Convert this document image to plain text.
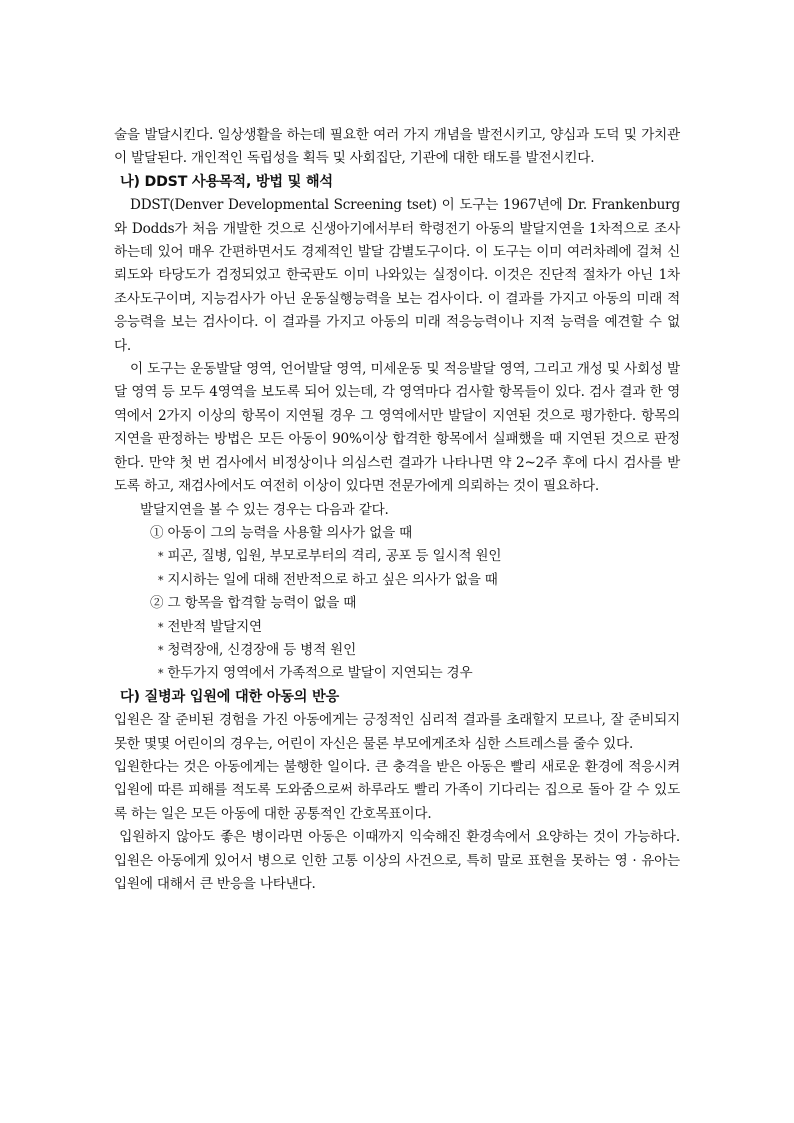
술을 발달시킨다. 일상생활을 하는데 필요한 여러 가지 개념을 발전시키고, 양심과 도덕 및 가치관이 발달된다. 개인적인 독립성을 획득 및 사회집단, 기관에 대한 태도를 발전시킨다.

나) DDST 사용목적, 방법 및 해석

DDST(Denver Developmental Screening tset) 이 도구는 1967년에 Dr. Frankenburg와 Dodds가 처음 개발한 것으로 신생아기에서부터 학령전기 아동의 발달지연을 1차적으로 조사하는데 있어 매우 간편하면서도 경제적인 발달 감별도구이다. 이 도구는 이미 여러차례에 걸쳐 신뢰도와 타당도가 검정되었고 한국판도 이미 나와있는 실정이다. 이것은 진단적 절차가 아닌 1차 조사도구이며, 지능검사가 아닌 운동실행능력을 보는 검사이다. 이 결과를 가지고 아동의 미래 적응능력을 보는 검사이다. 이 결과를 가지고 아동의 미래 적응능력이나 지적 능력을 예견할 수 없다.

이 도구는 운동발달 영역, 언어발달 영역, 미세운동 및 적응발달 영역, 그리고 개성 및 사회성 발달 영역 등 모두 4영역을 보도록 되어 있는데, 각 영역마다 검사할 항목들이 있다. 검사 결과 한 영역에서 2가지 이상의 항목이 지연될 경우 그 영역에서만 발달이 지연된 것으로 평가한다. 항목의 지연을 판정하는 방법은 모든 아동이 90%이상 합격한 항목에서 실패했을 때 지연된 것으로 판정한다. 만약 첫 번 검사에서 비정상이나 의심스런 결과가 나타나면 약 2~2주 후에 다시 검사를 받도록 하고, 재검사에서도 여전히 이상이 있다면 전문가에게 의뢰하는 것이 필요하다.

발달지연을 볼 수 있는 경우는 다음과 같다.

① 아동이 그의 능력을 사용할 의사가 없을 때

* 피곤, 질병, 입원, 부모로부터의 격리, 공포 등 일시적 원인

* 지시하는 일에 대해 전반적으로 하고 싶은 의사가 없을 때

② 그 항목을 합격할 능력이 없을 때

* 전반적 발달지연

* 청력장애, 신경장애 등 병적 원인

* 한두가지 영역에서 가족적으로 발달이 지연되는 경우

다) 질병과 입원에 대한 아동의 반응

입원은 잘 준비된 경험을 가진 아동에게는 긍정적인 심리적 결과를 초래할지 모르나, 잘 준비되지 못한 몇몇 어린이의 경우는, 어린이 자신은 물론 부모에게조차 심한 스트레스를 줄수 있다.

입원한다는 것은 아동에게는 불행한 일이다. 큰 충격을 받은 아동은 빨리 새로운 환경에 적응시켜 입원에 따른 피해를 적도록 도와줌으로써 하루라도 빨리 가족이 기다리는 집으로 돌아 갈 수 있도록 하는 일은 모든 아동에 대한 공통적인 간호목표이다.

입원하지 않아도 좋은 병이라면 아동은 이때까지 익숙해진 환경속에서 요양하는 것이 가능하다. 입원은 아동에게 있어서 병으로 인한 고통 이상의 사건으로, 특히 말로 표현을 못하는 영 · 유아는 입원에 대해서 큰 반응을 나타낸다.
